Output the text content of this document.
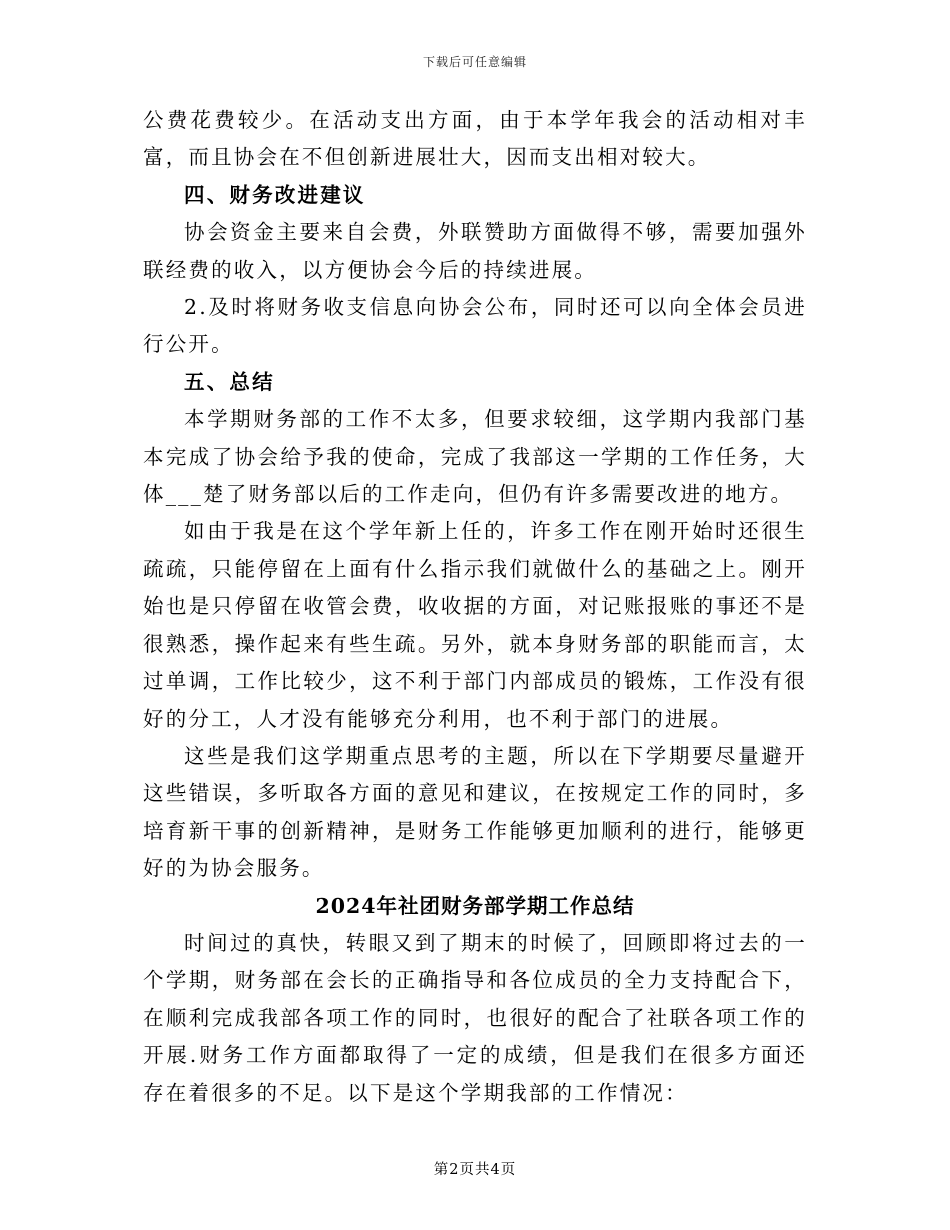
下载后可任意编辑

公费花费较少。在活动支出方面，由于本学年我会的活动相对丰富，而且协会在不但创新进展壮大，因而支出相对较大。

四、财务改进建议

协会资金主要来自会费，外联赞助方面做得不够，需要加强外联经费的收入，以方便协会今后的持续进展。

2.及时将财务收支信息向协会公布，同时还可以向全体会员进行公开。

五、总结

本学期财务部的工作不太多，但要求较细，这学期内我部门基本完成了协会给予我的使命，完成了我部这一学期的工作任务，大体___楚了财务部以后的工作走向，但仍有许多需要改进的地方。

如由于我是在这个学年新上任的，许多工作在刚开始时还很生疏疏，只能停留在上面有什么指示我们就做什么的基础之上。刚开始也是只停留在收管会费，收收据的方面，对记账报账的事还不是很熟悉，操作起来有些生疏。另外，就本身财务部的职能而言，太过单调，工作比较少，这不利于部门内部成员的锻炼，工作没有很好的分工，人才没有能够充分利用，也不利于部门的进展。

这些是我们这学期重点思考的主题，所以在下学期要尽量避开这些错误，多听取各方面的意见和建议，在按规定工作的同时，多培育新干事的创新精神，是财务工作能够更加顺利的进行，能够更好的为协会服务。

2024年社团财务部学期工作总结

时间过的真快，转眼又到了期末的时候了，回顾即将过去的一个学期，财务部在会长的正确指导和各位成员的全力支持配合下，在顺利完成我部各项工作的同时，也很好的配合了社联各项工作的开展.财务工作方面都取得了一定的成绩，但是我们在很多方面还存在着很多的不足。以下是这个学期我部的工作情况：

第2页共4页
